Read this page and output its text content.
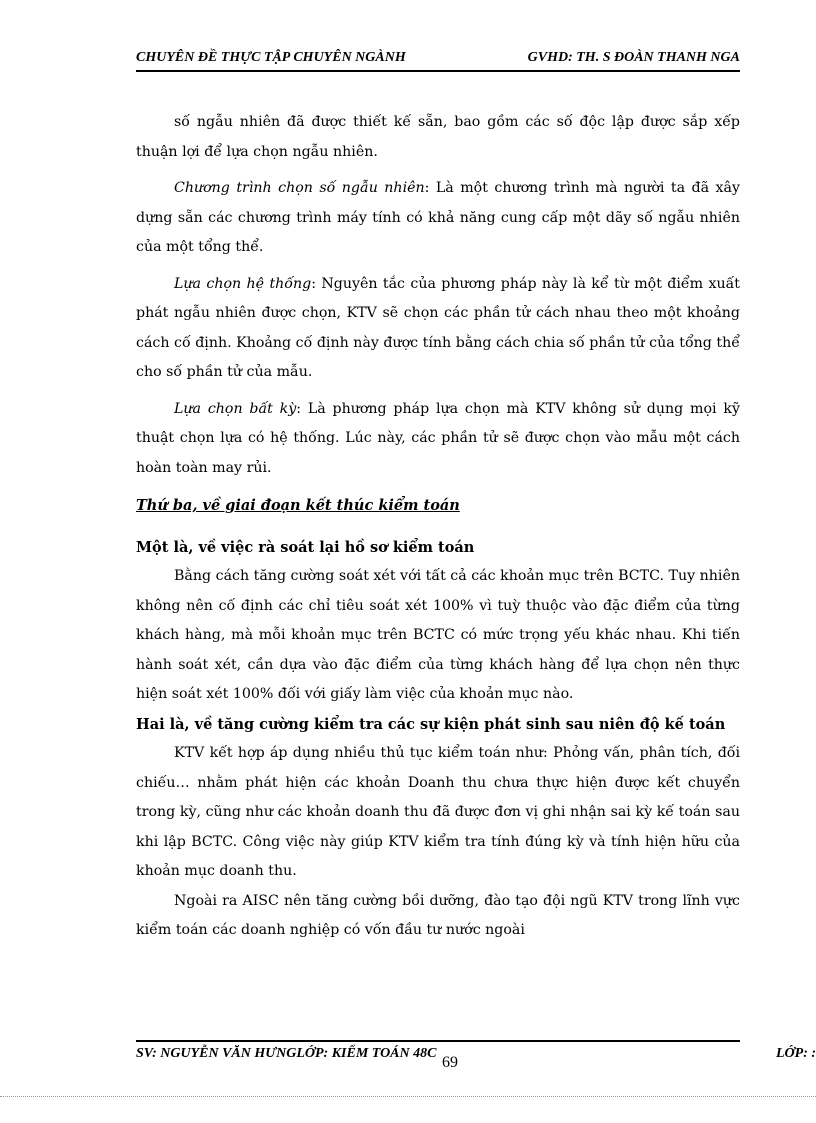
CHUYÊN ĐỀ THỰC TẬP CHUYÊN NGÀNH	GVHD: TH. S ĐOÀN THANH NGA

số ngẫu nhiên đã được thiết kế sẵn, bao gồm các số độc lập được sắp xếp thuận lợi để lựa chọn ngẫu nhiên.

Chương trình chọn số ngẫu nhiên: Là một chương trình mà người ta đã xây dựng sẵn các chương trình máy tính có khả năng cung cấp một dãy số ngẫu nhiên của một tổng thể.

Lựa chọn hệ thống: Nguyên tắc của phương pháp này là kể từ một điểm xuất phát ngẫu nhiên được chọn, KTV sẽ chọn các phần tử cách nhau theo một khoảng cách cố định. Khoảng cố định này được tính bằng cách chia số phần tử của tổng thể cho số phần tử của mẫu.

Lựa chọn bất kỳ: Là phương pháp lựa chọn mà KTV không sử dụng mọi kỹ thuật chọn lựa có hệ thống. Lúc này, các phần tử sẽ được chọn vào mẫu một cách hoàn toàn may rủi.

Thứ ba, về giai đoạn kết thúc kiểm toán

Một là, về việc rà soát lại hồ sơ kiểm toán

Bằng cách tăng cường soát xét với tất cả các khoản mục trên BCTC. Tuy nhiên không nên cố định các chỉ tiêu soát xét 100% vì tuỳ thuộc vào đặc điểm của từng khách hàng, mà mỗi khoản mục trên BCTC có mức trọng yếu khác nhau. Khi tiến hành soát xét, cần dựa vào đặc điểm của từng khách hàng để lựa chọn nên thực hiện soát xét 100% đối với giấy làm việc của khoản mục nào.

Hai là, về tăng cường kiểm tra các sự kiện phát sinh sau niên độ kế toán

KTV kết hợp áp dụng nhiều thủ tục kiểm toán như: Phỏng vấn, phân tích, đối chiếu… nhằm phát hiện các khoản Doanh thu chưa thực hiện được kết chuyển trong kỳ, cũng như các khoản doanh thu đã được đơn vị ghi nhận sai kỳ kế toán sau khi lập BCTC. Công việc này giúp KTV kiểm tra tính đúng kỳ và tính hiện hữu của khoản mục doanh thu.

Ngoài ra AISC nên tăng cường bồi dưỡng, đào tạo đội ngũ KTV trong lĩnh vực kiểm toán các doanh nghiệp có vốn đầu tư nước ngoài

SV: NGUYỄN VĂN HƯNGLỚP: KIỂM TOÁN 48C	LỚP: :
69
